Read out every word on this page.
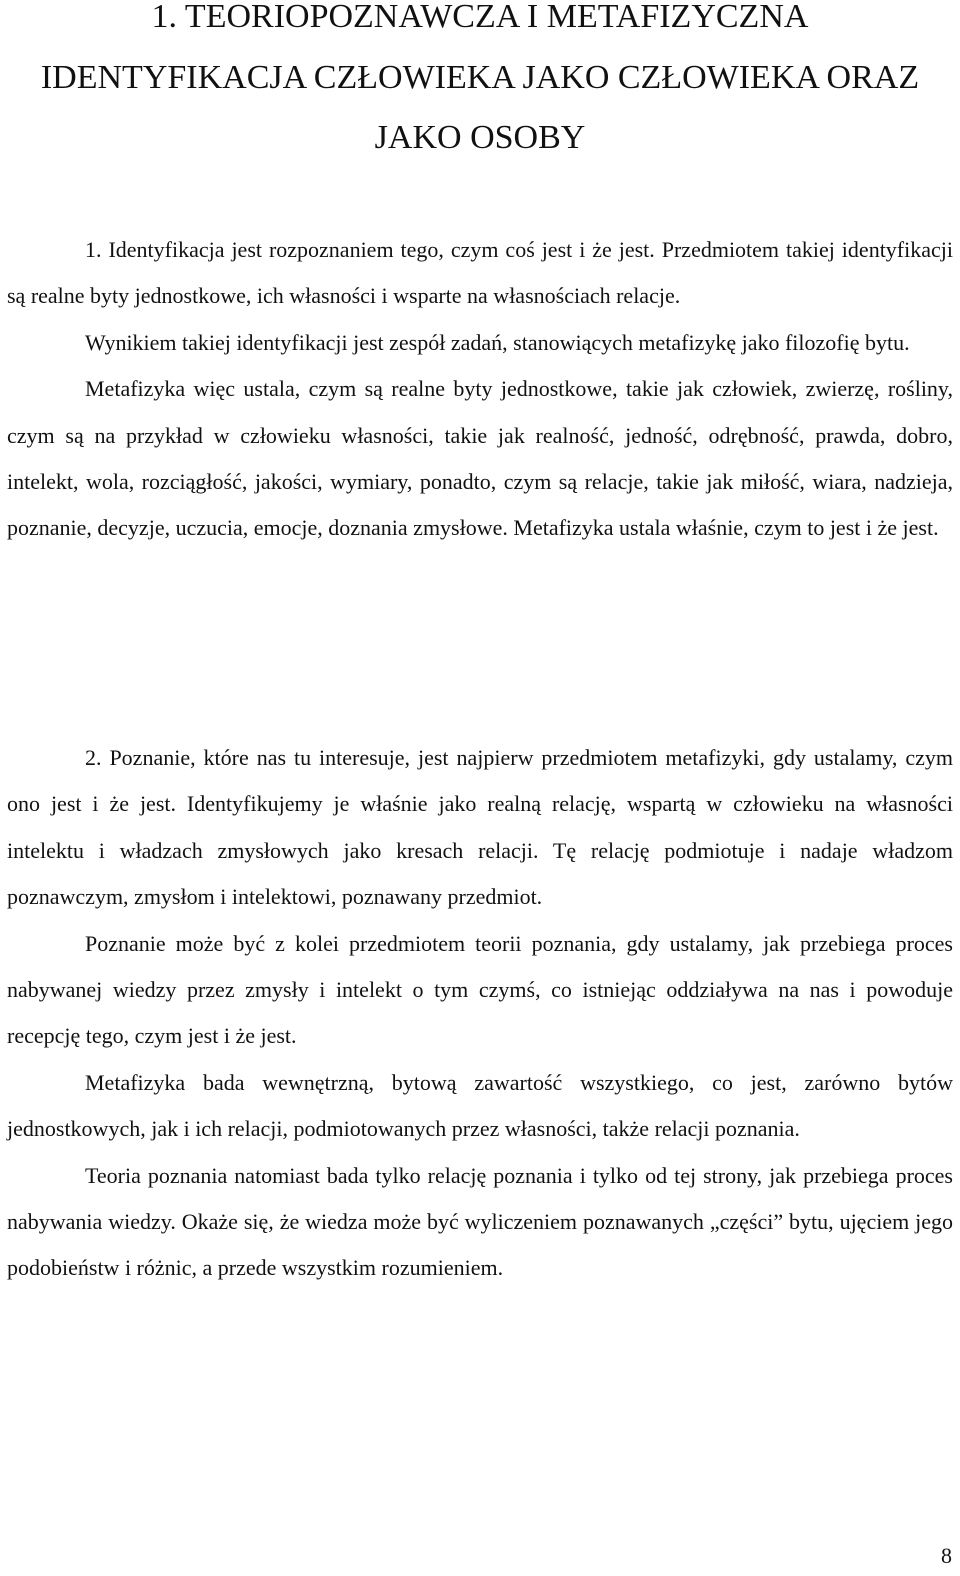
1. TEORIOPOZNAWCZA I METAFIZYCZNA
IDENTYFIKACJA CZŁOWIEKA JAKO CZŁOWIEKA ORAZ
JAKO OSOBY

1. Identyfikacja jest rozpoznaniem tego, czym coś jest i że jest. Przedmiotem takiej identyfikacji są realne byty jednostkowe, ich własności i wsparte na własnościach relacje.

Wynikiem takiej identyfikacji jest zespół zadań, stanowiących metafizykę jako filozofię bytu.

Metafizyka więc ustala, czym są realne byty jednostkowe, takie jak człowiek, zwierzę, rośliny, czym są na przykład w człowieku własności, takie jak realność, jedność, odrębność, prawda, dobro, intelekt, wola, rozciągłość, jakości, wymiary, ponadto, czym są relacje, takie jak miłość, wiara, nadzieja, poznanie, decyzje, uczucia, emocje, doznania zmysłowe. Metafizyka ustala właśnie, czym to jest i że jest.

2. Poznanie, które nas tu interesuje, jest najpierw przedmiotem metafizyki, gdy ustalamy, czym ono jest i że jest. Identyfikujemy je właśnie jako realną relację, wspartą w człowieku na własności intelektu i władzach zmysłowych jako kresach relacji. Tę relację podmiotuje i nadaje władzom poznawczym, zmysłom i intelektowi, poznawany przedmiot.

Poznanie może być z kolei przedmiotem teorii poznania, gdy ustalamy, jak przebiega proces nabywanej wiedzy przez zmysły i intelekt o tym czymś, co istniejąc oddziaływa na nas i powoduje recepcję tego, czym jest i że jest.

Metafizyka bada wewnętrzną, bytową zawartość wszystkiego, co jest, zarówno bytów jednostkowych, jak i ich relacji, podmiotowanych przez własności, także relacji poznania.

Teoria poznania natomiast bada tylko relację poznania i tylko od tej strony, jak przebiega proces nabywania wiedzy. Okaże się, że wiedza może być wyliczeniem poznawanych „części” bytu, ujęciem jego podobieństw i różnic, a przede wszystkim rozumieniem.

8
